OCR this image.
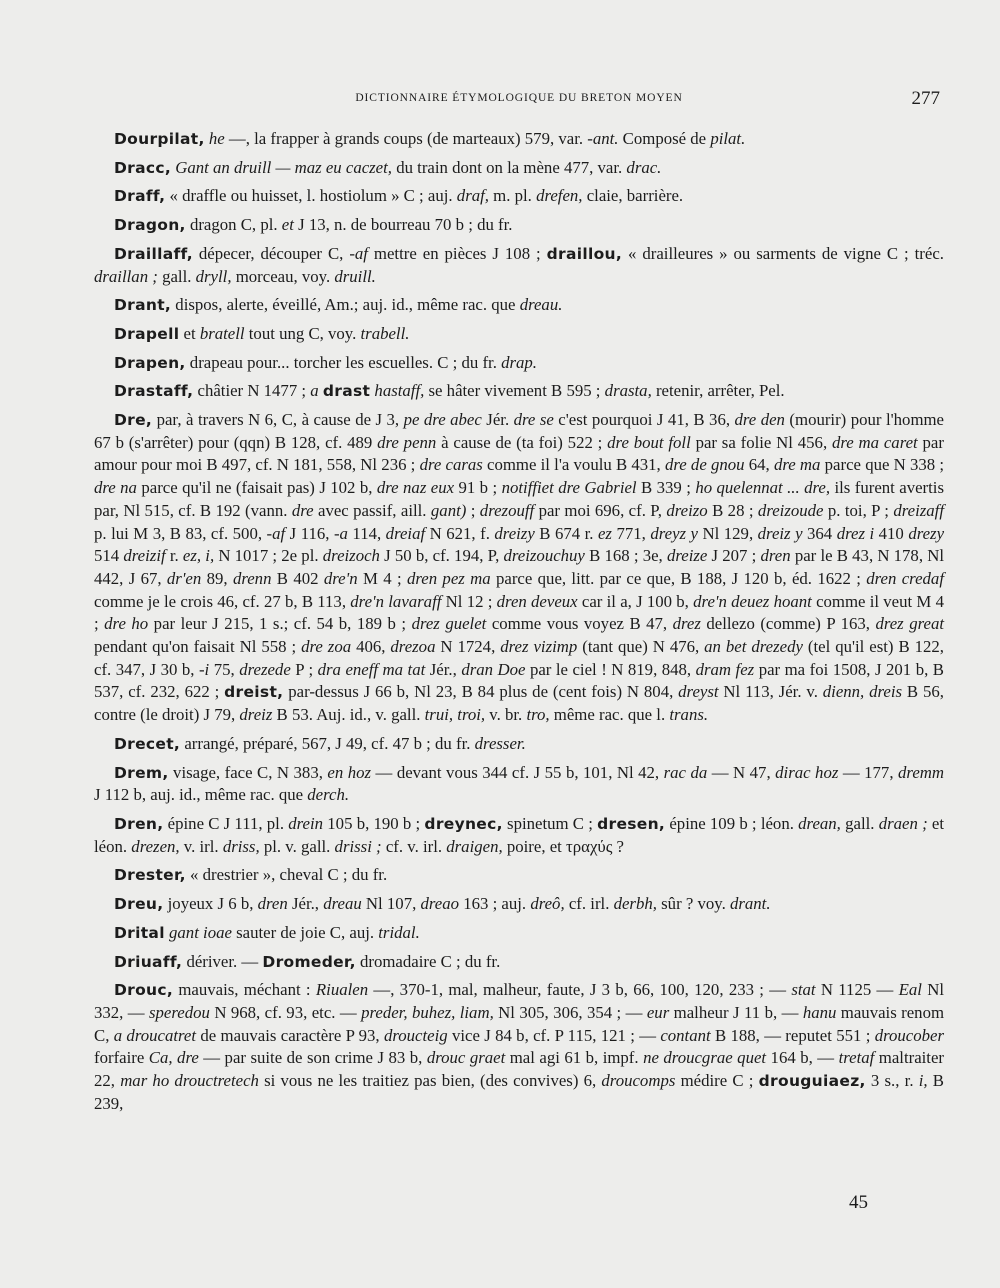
DICTIONNAIRE ÉTYMOLOGIQUE DU BRETON MOYEN	277

Dourpilat, he —, la frapper à grands coups (de marteaux) 579, var. -ant. Composé de pilat.

Dracc, Gant an druill — maz eu caczet, du train dont on la mène 477, var. drac.

Draff, « draffle ou huisset, l. hostiolum » C ; auj. draf, m. pl. drefen, claie, barrière.

Dragon, dragon C, pl. et J 13, n. de bourreau 70 b ; du fr.

Draillaff, dépecer, découper C, -af mettre en pièces J 108 ; draillou, « drailleures » ou sarments de vigne C ; tréc. draillan ; gall. dryll, morceau, voy. druill.

Drant, dispos, alerte, éveillé, Am.; auj. id., même rac. que dreau.

Drapell et bratell tout ung C, voy. trabell.

Drapen, drapeau pour... torcher les escuelles. C ; du fr. drap.

Drastaff, châtier N 1477 ; a drast hastaff, se hâter vivement B 595 ; drasta, retenir, arrêter, Pel.

Dre, par, à travers N 6, C, à cause de J 3, pe dre abec Jér. dre se c'est pourquoi J 41, B 36, dre den (mourir) pour l'homme 67 b (s'arrêter) pour (qqn) B 128, cf. 489 dre penn à cause de (ta foi) 522 ; dre bout foll par sa folie Nl 456, dre ma caret par amour pour moi B 497, cf. N 181, 558, Nl 236 ; dre caras comme il l'a voulu B 431, dre de gnou 64, dre ma parce que N 338 ; dre na parce qu'il ne (faisait pas) J 102 b, dre naz eux 91 b ; notiffiet dre Gabriel B 339 ; ho quelennat ... dre, ils furent avertis par, Nl 515, cf. B 192 (vann. dre avec passif, aill. gant) ; drezouff par moi 696, cf. P, dreizo B 28 ; dreizoude p. toi, P ; dreizaff p. lui M 3, B 83, cf. 500, -af J 116, -a 114, dreiaf N 621, f. dreizy B 674 r. ez 771, dreyz y Nl 129, dreiz y 364 drez i 410 drezy 514 dreizif r. ez, i, N 1017 ; 2e pl. dreizoch J 50 b, cf. 194, P, dreizouchuy B 168 ; 3e, dreize J 207 ; dren par le B 43, N 178, Nl 442, J 67, dr'en 89, drenn B 402 dre'n M 4 ; dren pez ma parce que, litt. par ce que, B 188, J 120 b, éd. 1622 ; dren credaf comme je le crois 46, cf. 27 b, B 113, dre'n lavaraff Nl 12 ; dren deveux car il a, J 100 b, dre'n deuez hoant comme il veut M 4 ; dre ho par leur J 215, 1 s.; cf. 54 b, 189 b ; drez guelet comme vous voyez B 47, drez dellezo (comme) P 163, drez great pendant qu'on faisait Nl 558 ; dre zoa 406, drezoa N 1724, drez vizimp (tant que) N 476, an bet drezedy (tel qu'il est) B 122, cf. 347, J 30 b, -i 75, drezede P ; dra eneff ma tat Jér., dran Doe par le ciel ! N 819, 848, dram fez par ma foi 1508, J 201 b, B 537, cf. 232, 622 ; dreist, par-dessus J 66 b, Nl 23, B 84 plus de (cent fois) N 804, dreyst Nl 113, Jér. v. dienn, dreis B 56, contre (le droit) J 79, dreiz B 53. Auj. id., v. gall. trui, troi, v. br. tro, même rac. que l. trans.

Drecet, arrangé, préparé, 567, J 49, cf. 47 b ; du fr. dresser.

Drem, visage, face C, N 383, en hoz — devant vous 344 cf. J 55 b, 101, Nl 42, rac da — N 47, dirac hoz — 177, dremm J 112 b, auj. id., même rac. que derch.

Dren, épine C J 111, pl. drein 105 b, 190 b ; dreynec, spinetum C ; dresen, épine 109 b ; léon. drean, gall. draen ; et léon. drezen, v. irl. driss, pl. v. gall. drissi ; cf. v. irl. draigen, poire, et τραχύς ?

Drester, « drestrier », cheval C ; du fr.

Dreu, joyeux J 6 b, dren Jér., dreau Nl 107, dreao 163 ; auj. dreô, cf. irl. derbh, sûr ? voy. drant.

Drital gant ioae sauter de joie C, auj. tridal.

Driuaff, dériver. — Dromeder, dromadaire C ; du fr.

Drouc, mauvais, méchant : Riualen —, 370-1, mal, malheur, faute, J 3 b, 66, 100, 120, 233 ; — stat N 1125 — Eal Nl 332, — speredou N 968, cf. 93, etc. — preder, buhez, liam, Nl 305, 306, 354 ; — eur malheur J 11 b, — hanu mauvais renom C, a droucatret de mauvais caractère P 93, droucteig vice J 84 b, cf. P 115, 121 ; — contant B 188, — reputet 551 ; droucober forfaire Ca, dre — par suite de son crime J 83 b, drouc graet mal agi 61 b, impf. ne droucgrae quet 164 b, — tretaf maltraiter 22, mar ho drouctretech si vous ne les traitiez pas bien, (des convives) 6, droucomps médire C ; drouguiaez, 3 s., r. i, B 239,

45
